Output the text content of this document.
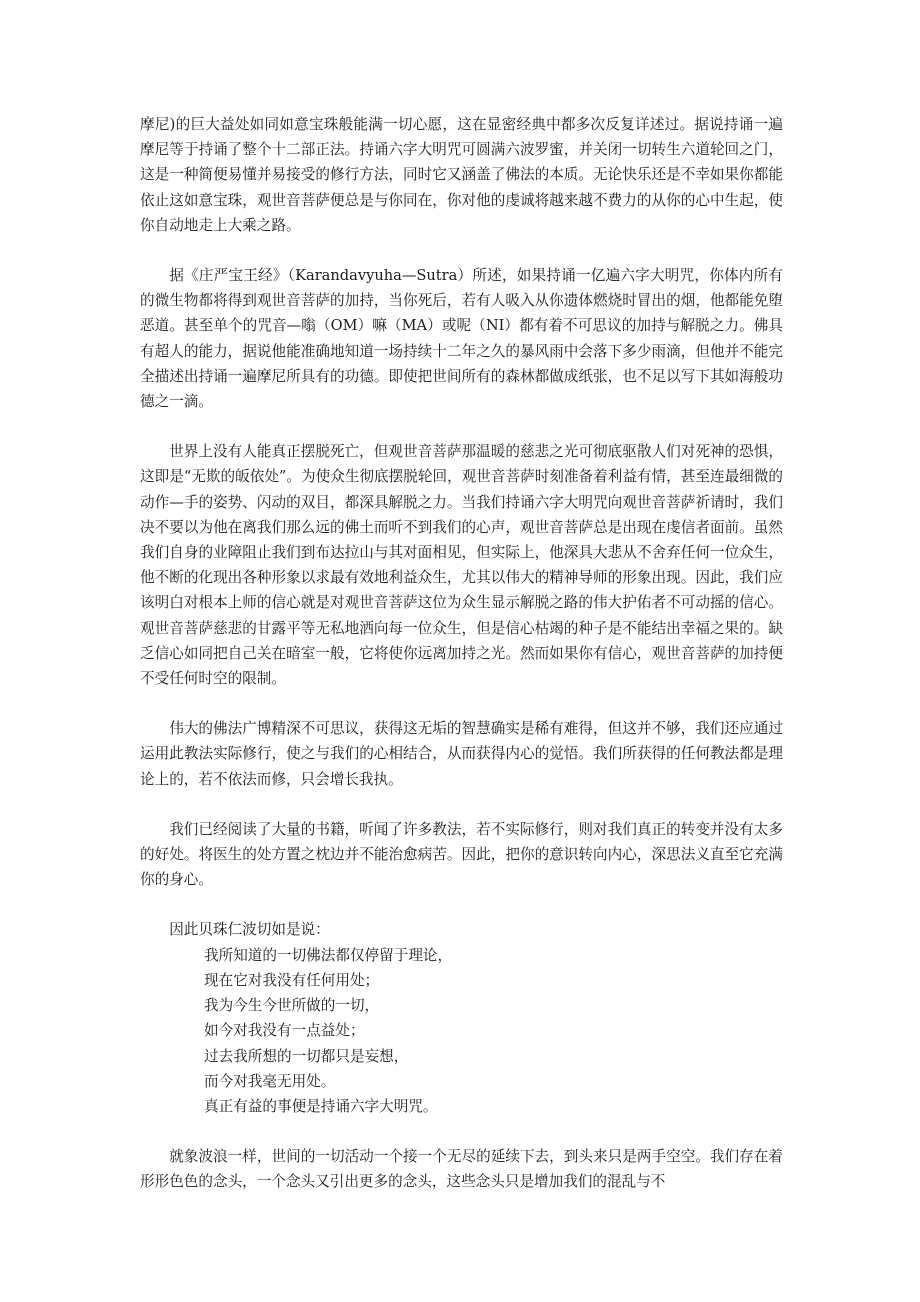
摩尼)的巨大益处如同如意宝珠般能满一切心愿，这在显密经典中都多次反复详述过。据说持诵一遍摩尼等于持诵了整个十二部正法。持诵六字大明咒可圆满六波罗蜜，并关闭一切转生六道轮回之门，这是一种简便易懂并易接受的修行方法，同时它又涵盖了佛法的本质。无论快乐还是不幸如果你都能依止这如意宝珠，观世音菩萨便总是与你同在，你对他的虔诚将越来越不费力的从你的心中生起，使你自动地走上大乘之路。

据《庄严宝王经》（Karandavyuha—Sutra）所述，如果持诵一亿遍六字大明咒，你体内所有的微生物都将得到观世音菩萨的加持，当你死后，若有人吸入从你遗体燃烧时冒出的烟，他都能免堕恶道。甚至单个的咒音—嗡（OM）嘛（MA）或呢（NI）都有着不可思议的加持与解脱之力。佛具有超人的能力，据说他能准确地知道一场持续十二年之久的暴风雨中会落下多少雨滴，但他并不能完全描述出持诵一遍摩尼所具有的功德。即使把世间所有的森林都做成纸张，也不足以写下其如海般功德之一滴。

世界上没有人能真正摆脱死亡，但观世音菩萨那温暖的慈悲之光可彻底驱散人们对死神的恐惧，这即是“无欺的皈依处”。为使众生彻底摆脱轮回，观世音菩萨时刻准备着利益有情，甚至连最细微的动作—手的姿势、闪动的双目，都深具解脱之力。当我们持诵六字大明咒向观世音菩萨祈请时，我们决不要以为他在离我们那么远的佛土而听不到我们的心声，观世音菩萨总是出现在虔信者面前。虽然我们自身的业障阻止我们到布达拉山与其对面相见，但实际上，他深具大悲从不舍弃任何一位众生，他不断的化现出各种形象以求最有效地利益众生，尤其以伟大的精神导师的形象出现。因此，我们应该明白对根本上师的信心就是对观世音菩萨这位为众生显示解脱之路的伟大护佑者不可动摇的信心。观世音菩萨慈悲的甘露平等无私地洒向每一位众生，但是信心枯竭的种子是不能结出幸福之果的。缺乏信心如同把自己关在暗室一般，它将使你远离加持之光。然而如果你有信心，观世音菩萨的加持便不受任何时空的限制。

伟大的佛法广博精深不可思议，获得这无垢的智慧确实是稀有难得，但这并不够，我们还应通过运用此教法实际修行，使之与我们的心相结合，从而获得内心的觉悟。我们所获得的任何教法都是理论上的，若不依法而修，只会增长我执。

我们已经阅读了大量的书籍，听闻了许多教法，若不实际修行，则对我们真正的转变并没有太多的好处。将医生的处方置之枕边并不能治愈病苦。因此，把你的意识转向内心，深思法义直至它充满你的身心。

因此贝珠仁波切如是说：

我所知道的一切佛法都仅停留于理论，
现在它对我没有任何用处；
我为今生今世所做的一切，
如今对我没有一点益处；
过去我所想的一切都只是妄想，
而今对我毫无用处。
真正有益的事便是持诵六字大明咒。

就象波浪一样，世间的一切活动一个接一个无尽的延续下去，到头来只是两手空空。我们存在着形形色色的念头，一个念头又引出更多的念头，这些念头只是增加我们的混乱与不
